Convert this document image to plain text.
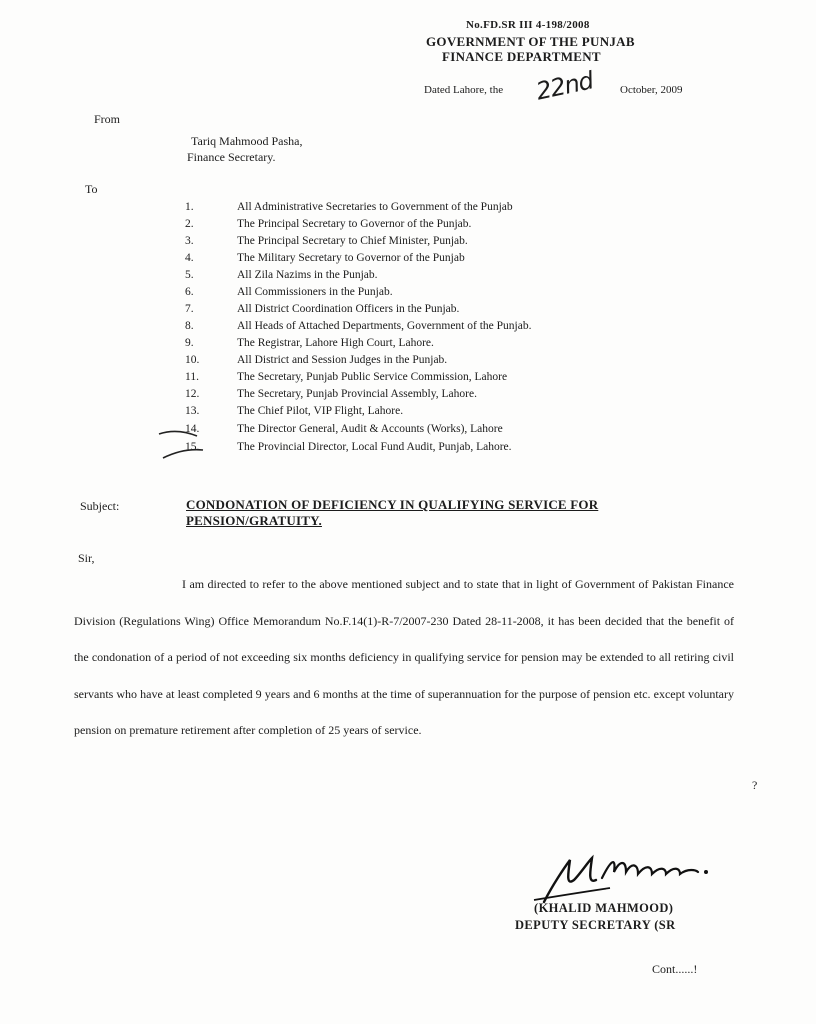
No.FD.SR III 4-198/2008
GOVERNMENT OF THE PUNJAB
FINANCE DEPARTMENT
Dated Lahore, the 22nd October, 2009
From
Tariq Mahmood Pasha,
Finance Secretary.
To
1.	All Administrative Secretaries to Government of the Punjab
2.	The Principal Secretary to Governor of the Punjab.
3.	The Principal Secretary to Chief Minister, Punjab.
4.	The Military Secretary to Governor of the Punjab
5.	All Zila Nazims in the Punjab.
6.	All Commissioners in the Punjab.
7.	All District Coordination Officers in the Punjab.
8.	All Heads of Attached Departments, Government of the Punjab.
9.	The Registrar, Lahore High Court, Lahore.
10.	All District and Session Judges in the Punjab.
11.	The Secretary, Punjab Public Service Commission, Lahore
12.	The Secretary, Punjab Provincial Assembly, Lahore.
13.	The Chief Pilot, VIP Flight, Lahore.
14.	The Director General, Audit & Accounts (Works), Lahore
15.	The Provincial Director, Local Fund Audit, Punjab, Lahore.
Subject:	CONDONATION OF DEFICIENCY IN QUALIFYING SERVICE FOR PENSION/GRATUITY.
Sir,
I am directed to refer to the above mentioned subject and to state that in light of Government of Pakistan Finance Division (Regulations Wing) Office Memorandum No.F.14(1)-R-7/2007-230 Dated 28-11-2008, it has been decided that the benefit of the condonation of a period of not exceeding six months deficiency in qualifying service for pension may be extended to all retiring civil servants who have at least completed 9 years and 6 months at the time of superannuation for the purpose of pension etc. except voluntary pension on premature retirement after completion of 25 years of service.
?
(KHALID MAHMOOD)
DEPUTY SECRETARY (SR
Cont......!
